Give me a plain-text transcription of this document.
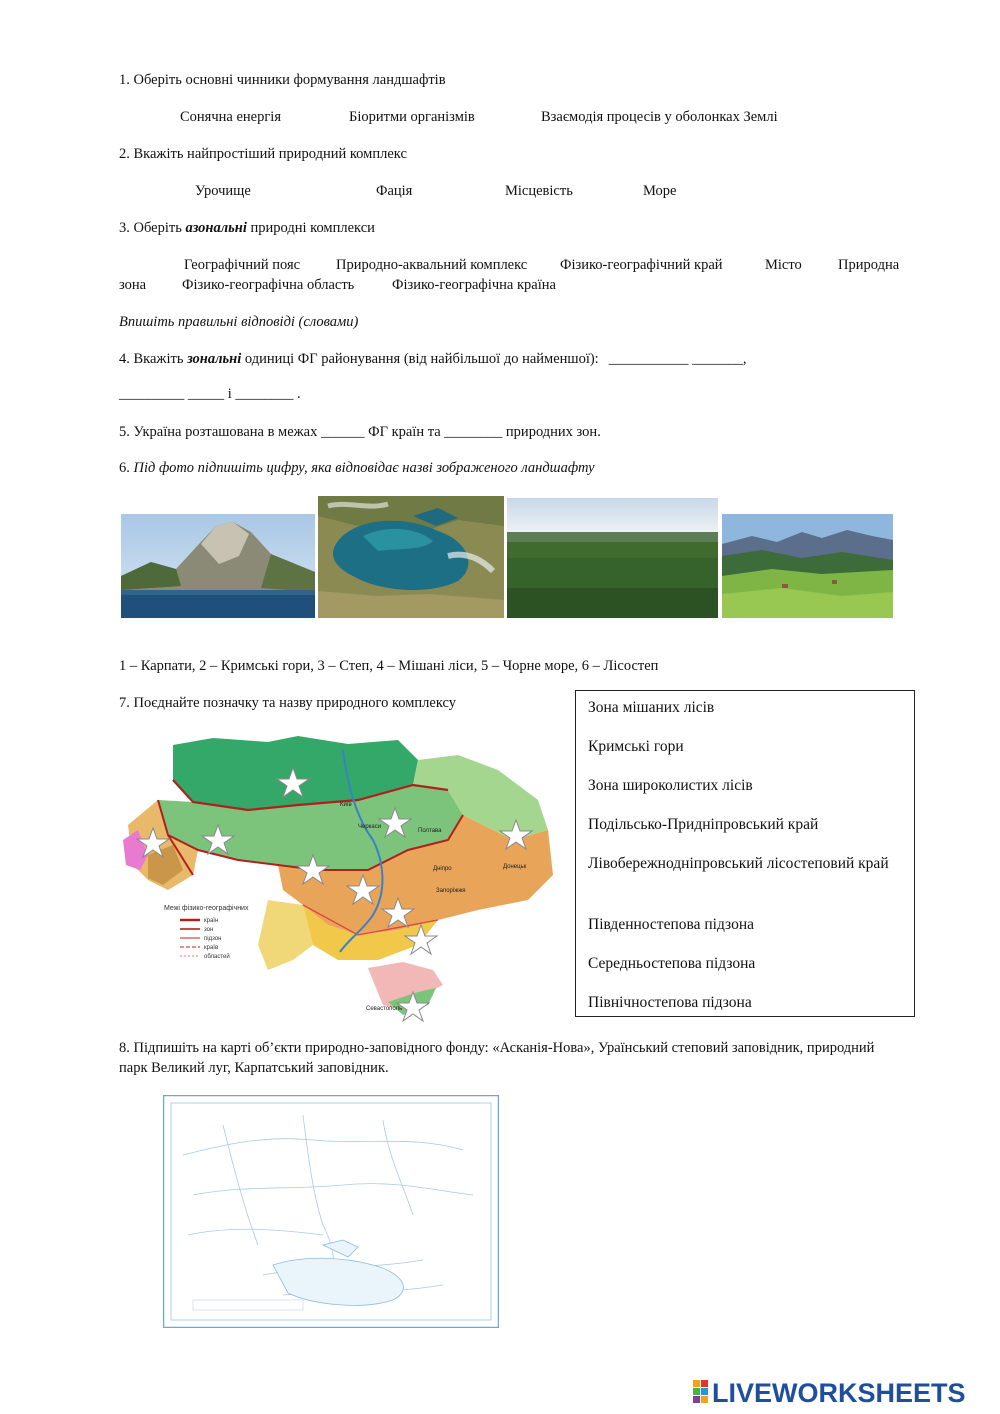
1. Оберіть основні чинники формування ландшафтів
Сонячна енергія	Біоритми організмів	Взаємодія процесів у оболонках Землі
2. Вкажіть найпростіший природний комплекс
Урочище	Фація	Місцевість	Море
3. Оберіть азональні природні комплекси
Географічний пояс Природно-аквальний комплекс Фізико-географічний край	Місто Природна
зона Фізико-географічна область	Фізико-географічна країна
Впишіть правильні відповіді (словами)
4. Вкажіть зональні одиниці ФГ районування (від найбільшої до найменшої): ___________ _______,
_________ _____ і ________ .
5. Україна розташована в межах ______ ФГ країн та ________ природних зон.
6. Під фото підпишіть цифру, яка відповідає назві зображеного ландшафту
1 – Карпати, 2 – Кримські гори, 3 – Степ, 4 – Мішані ліси, 5 – Чорне море, 6 – Лісостеп
7. Поєднайте позначку та назву природного комплексу
Межі фізико-географічних
країн
зон
підзон
країв
областей
Київ
Полтава
Черкаси
Дніпро
Запоріжжя
Донецьк
Севастополь
Зона мішаних лісів
Кримські гори
Зона широколистих лісів
Подільсько-Придніпровський край
Лівобережнодніпровський лісостеповий край
Південностепова підзона
Середньостепова підзона
Північностепова підзона
8. Підпишіть на карті об’єкти природно-заповідного фонду: «Асканія-Нова», Ураїнський степовий заповідник, природний
парк Великий луг, Карпатський заповідник.
LIVEWORKSHEETS
